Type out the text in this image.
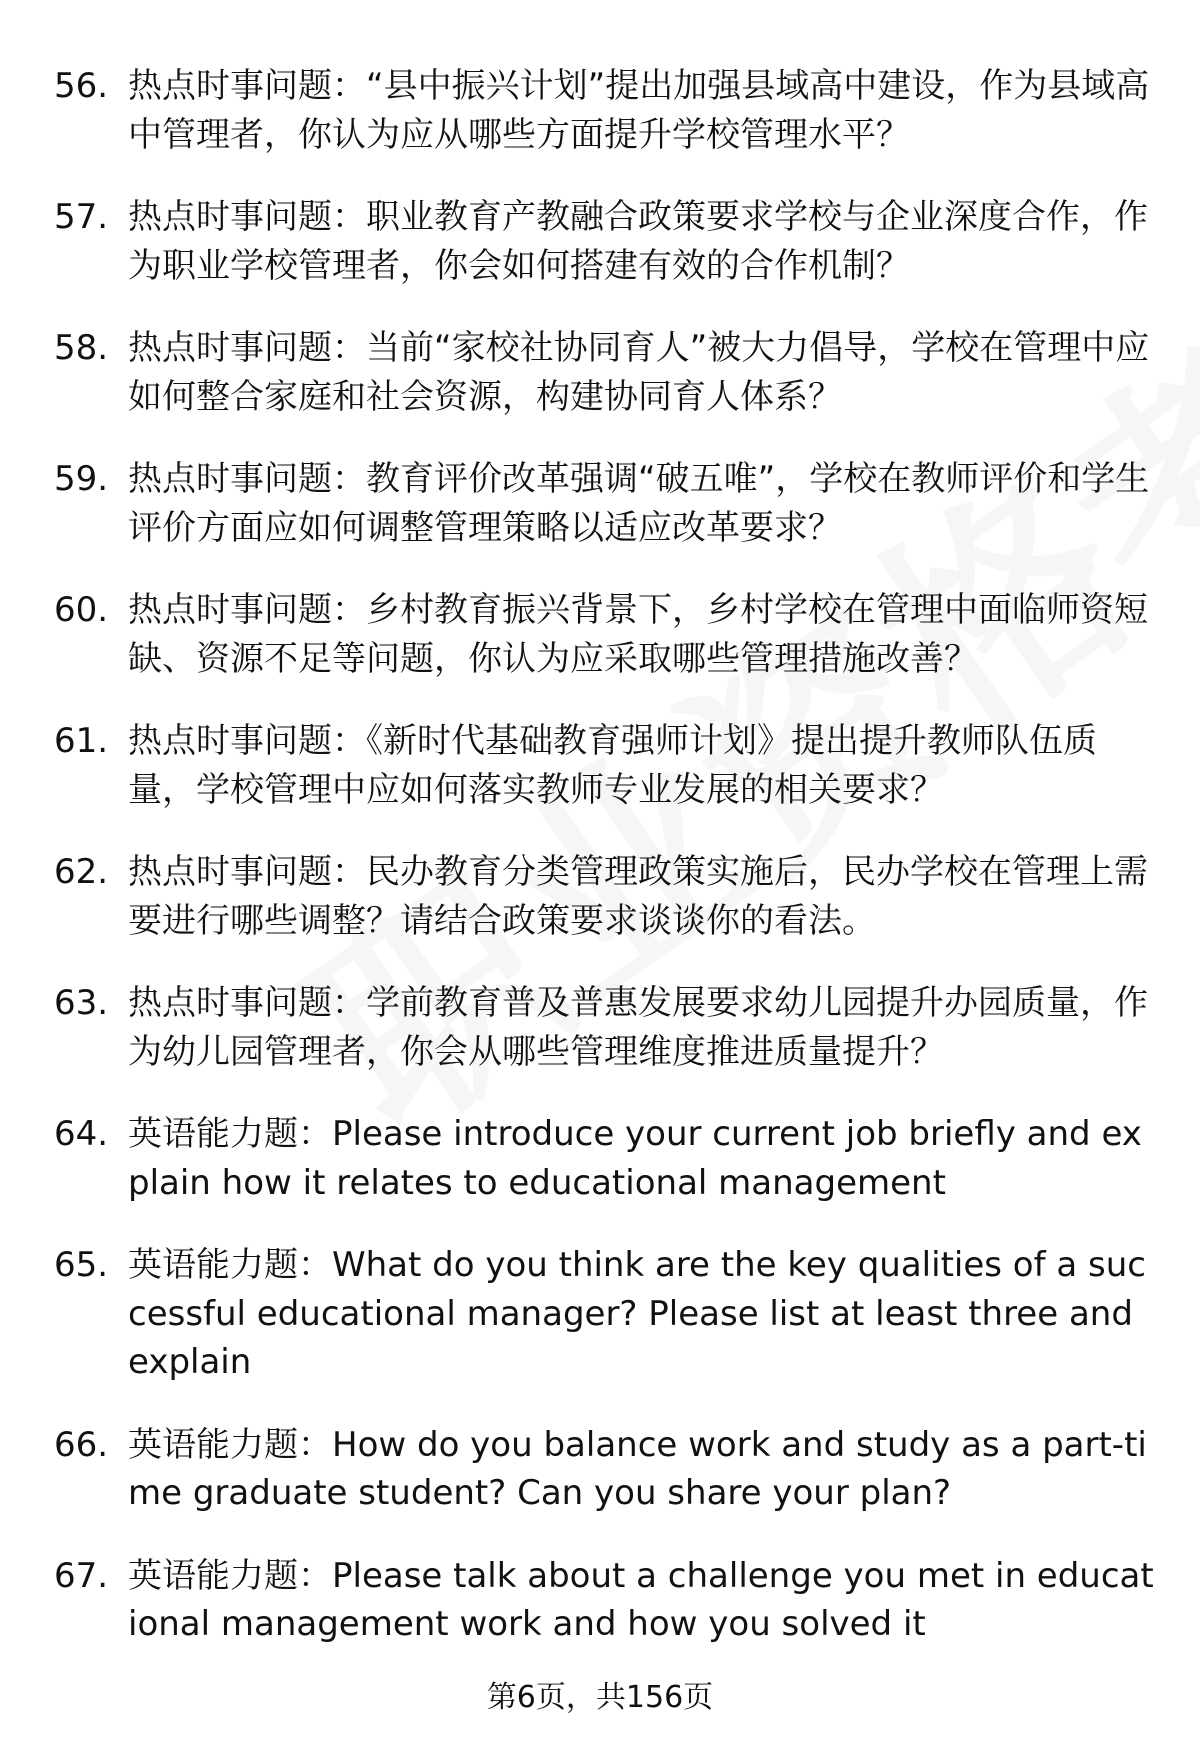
56. 热点时事问题：“县中振兴计划”提出加强县域高中建设，作为县域高中管理者，你认为应从哪些方面提升学校管理水平？
57. 热点时事问题：职业教育产教融合政策要求学校与企业深度合作，作为职业学校管理者，你会如何搭建有效的合作机制？
58. 热点时事问题：当前“家校社协同育人”被大力倡导，学校在管理中应如何整合家庭和社会资源，构建协同育人体系？
59. 热点时事问题：教育评价改革强调“破五唯”，学校在教师评价和学生评价方面应如何调整管理策略以适应改革要求？
60. 热点时事问题：乡村教育振兴背景下，乡村学校在管理中面临师资短缺、资源不足等问题，你认为应采取哪些管理措施改善？
61. 热点时事问题：《新时代基础教育强师计划》提出提升教师队伍质量，学校管理中应如何落实教师专业发展的相关要求？
62. 热点时事问题：民办教育分类管理政策实施后，民办学校在管理上需要进行哪些调整？请结合政策要求谈谈你的看法。
63. 热点时事问题：学前教育普及普惠发展要求幼儿园提升办园质量，作为幼儿园管理者，你会从哪些管理维度推进质量提升？
64. 英语能力题：Please introduce your current job briefly and explain how it relates to educational management
65. 英语能力题：What do you think are the key qualities of a successful educational manager? Please list at least three and explain
66. 英语能力题：How do you balance work and study as a part-time graduate student? Can you share your plan?
67. 英语能力题：Please talk about a challenge you met in educational management work and how you solved it
第6页，共156页
